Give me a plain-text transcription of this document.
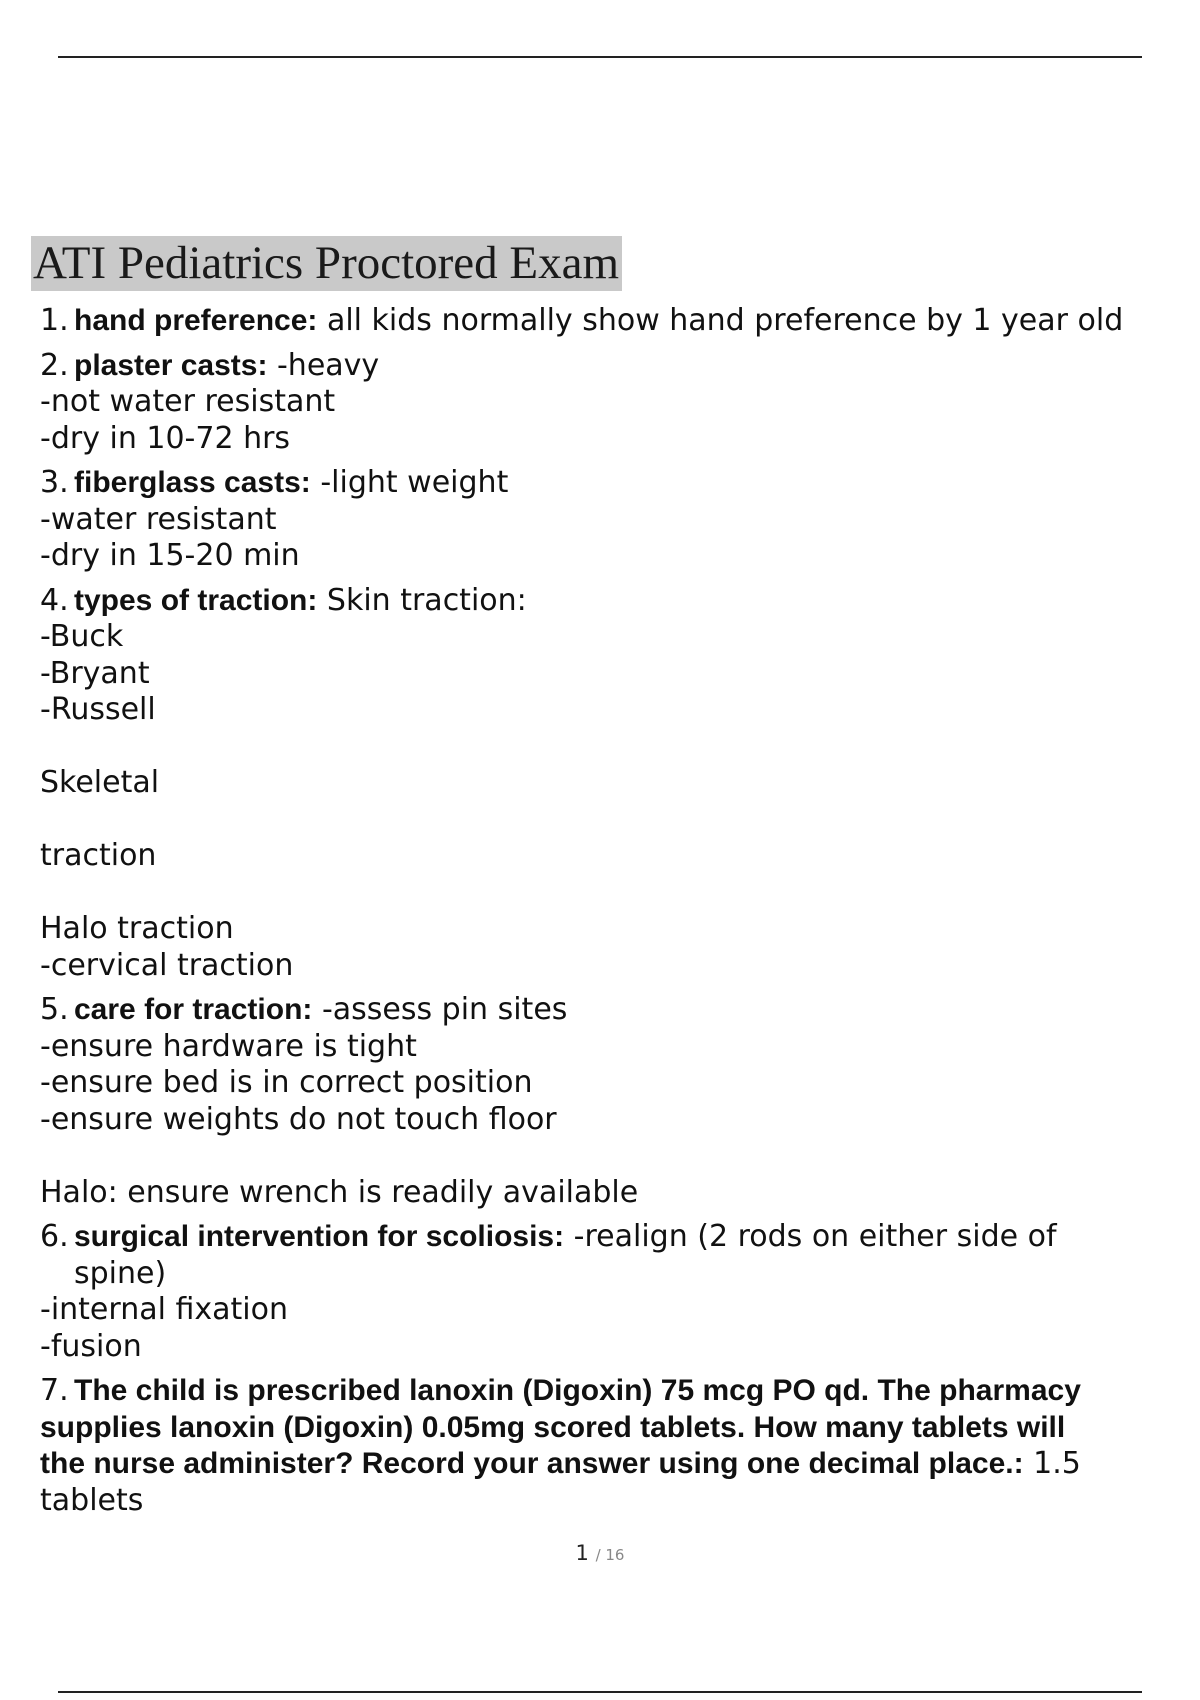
ATI Pediatrics Proctored Exam
1. hand preference: all kids normally show hand preference by 1 year old
2. plaster casts: -heavy
-not water resistant
-dry in 10-72 hrs
3. fiberglass casts: -light weight
-water resistant
-dry in 15-20 min
4. types of traction: Skin traction:
-Buck
-Bryant
-Russell
Skeletal
traction
Halo traction
-cervical traction
5. care for traction: -assess pin sites
-ensure hardware is tight
-ensure bed is in correct position
-ensure weights do not touch floor
Halo: ensure wrench is readily available
6. surgical intervention for scoliosis: -realign (2 rods on either side of
spine)
-internal fixation
-fusion
7. The child is prescribed lanoxin (Digoxin) 75 mcg PO qd. The pharmacy
supplies lanoxin (Digoxin) 0.05mg scored tablets. How many tablets will
the nurse administer? Record your answer using one decimal place.: 1.5
tablets
1 / 16
